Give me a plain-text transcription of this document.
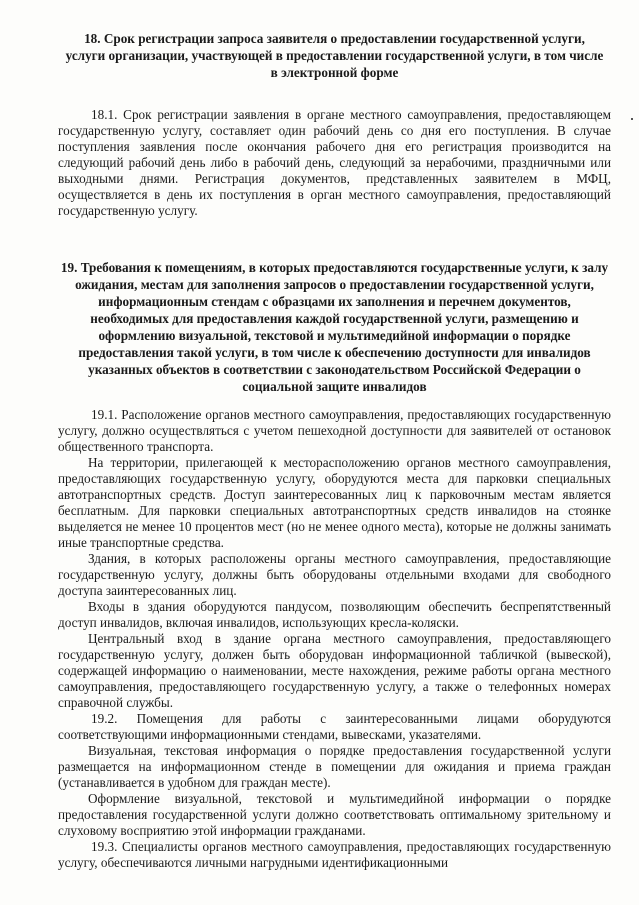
18. Срок регистрации запроса заявителя о предоставлении государственной услуги, услуги организации, участвующей в предоставлении государственной услуги, в том числе в электронной форме

18.1. Срок регистрации заявления в органе местного самоуправления, предоставляющем государственную услугу, составляет один рабочий день со дня его поступления. В случае поступления заявления после окончания рабочего дня его регистрация производится на следующий рабочий день либо в рабочий день, следующий за нерабочими, праздничными или выходными днями. Регистрация документов, представленных заявителем в МФЦ, осуществляется в день их поступления в орган местного самоуправления, предоставляющий государственную услугу.

19. Требования к помещениям, в которых предоставляются государственные услуги, к залу ожидания, местам для заполнения запросов о предоставлении государственной услуги, информационным стендам с образцами их заполнения и перечнем документов, необходимых для предоставления каждой государственной услуги, размещению и оформлению визуальной, текстовой и мультимедийной информации о порядке предоставления такой услуги, в том числе к обеспечению доступности для инвалидов указанных объектов в соответствии с законодательством Российской Федерации о социальной защите инвалидов

19.1. Расположение органов местного самоуправления, предоставляющих государственную услугу, должно осуществляться с учетом пешеходной доступности для заявителей от остановок общественного транспорта.

На территории, прилегающей к месторасположению органов местного самоуправления, предоставляющих государственную услугу, оборудуются места для парковки специальных автотранспортных средств. Доступ заинтересованных лиц к парковочным местам является бесплатным. Для парковки специальных автотранспортных средств инвалидов на стоянке выделяется не менее 10 процентов мест (но не менее одного места), которые не должны занимать иные транспортные средства.

Здания, в которых расположены органы местного самоуправления, предоставляющие государственную услугу, должны быть оборудованы отдельными входами для свободного доступа заинтересованных лиц.

Входы в здания оборудуются пандусом, позволяющим обеспечить беспрепятственный доступ инвалидов, включая инвалидов, использующих кресла-коляски.

Центральный вход в здание органа местного самоуправления, предоставляющего государственную услугу, должен быть оборудован информационной табличкой (вывеской), содержащей информацию о наименовании, месте нахождения, режиме работы органа местного самоуправления, предоставляющего государственную услугу, а также о телефонных номерах справочной службы.

19.2. Помещения для работы с заинтересованными лицами оборудуются соответствующими информационными стендами, вывесками, указателями.

Визуальная, текстовая информация о порядке предоставления государственной услуги размещается на информационном стенде в помещении для ожидания и приема граждан (устанавливается в удобном для граждан месте).

Оформление визуальной, текстовой и мультимедийной информации о порядке предоставления государственной услуги должно соответствовать оптимальному зрительному и слуховому восприятию этой информации гражданами.

19.3. Специалисты органов местного самоуправления, предоставляющих государственную услугу, обеспечиваются личными нагрудными идентификационными
